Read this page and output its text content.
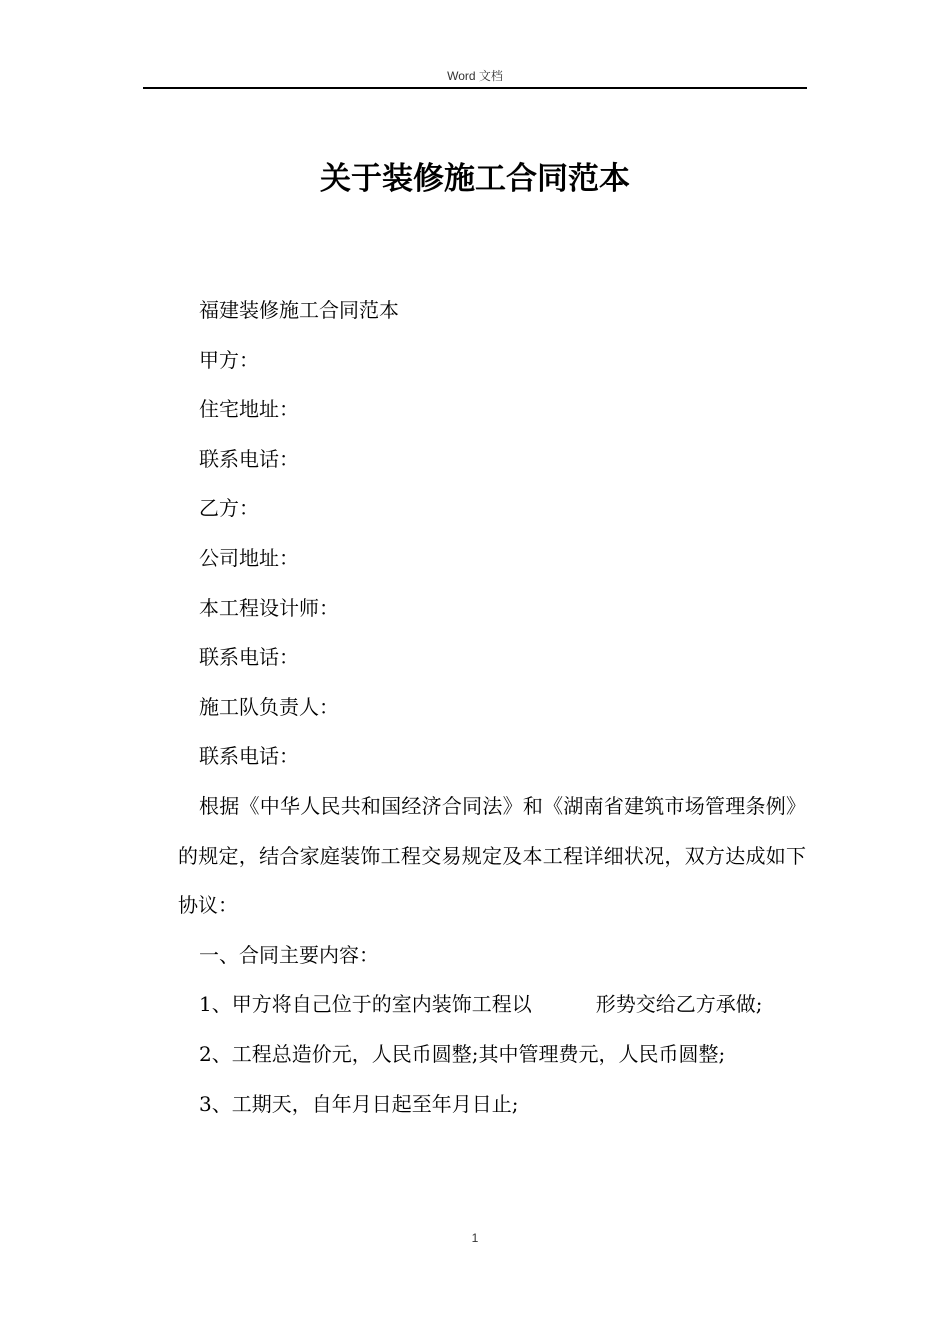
Word 文档
关于装修施工合同范本

福建装修施工合同范本

甲方：

住宅地址：

联系电话：

乙方：

公司地址：

本工程设计师：

联系电话：

施工队负责人：

联系电话：

根据《中华人民共和国经济合同法》和《湖南省建筑市场管理条例》的规定，结合家庭装饰工程交易规定及本工程详细状况，双方达成如下协议：

一、合同主要内容：

1、甲方将自己位于的室内装饰工程以	形势交给乙方承做;

2、工程总造价元，人民币圆整;其中管理费元，人民币圆整;

3、工期天，自年月日起至年月日止;

1
